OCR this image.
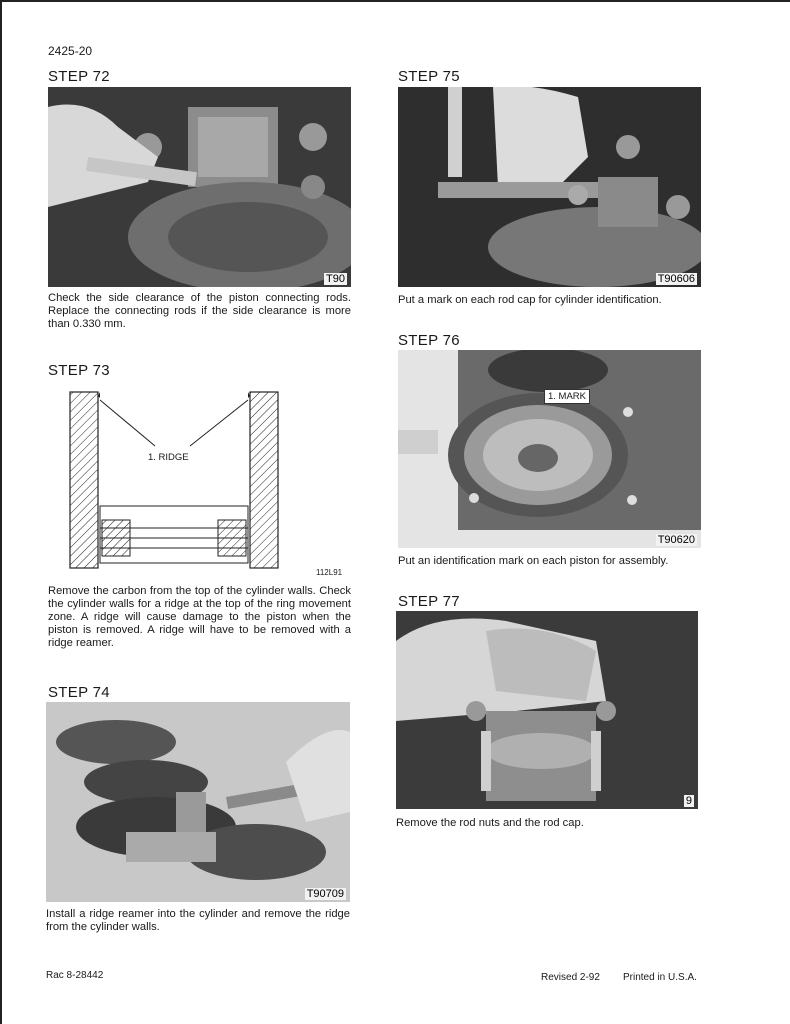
2425-20
STEP 72
T90
Check the side clearance of the piston connecting rods. Replace the connecting rods if the side clearance is more than 0.330 mm.
STEP 73
1. RIDGE
112L91
Remove the carbon from the top of the cylinder walls. Check the cylinder walls for a ridge at the top of the ring movement zone. A ridge will cause damage to the piston when the piston is removed. A ridge will have to be removed with a ridge reamer.
STEP 74
T90709
Install a ridge reamer into the cylinder and remove the ridge from the cylinder walls.
STEP 75
T90606
Put a mark on each rod cap for cylinder identification.
STEP 76
1. MARK
T90620
Put an identification mark on each piston for assembly.
STEP 77
9
Remove the rod nuts and the rod cap.
Rac 8-28442	Revised 2-92 Printed in U.S.A.
